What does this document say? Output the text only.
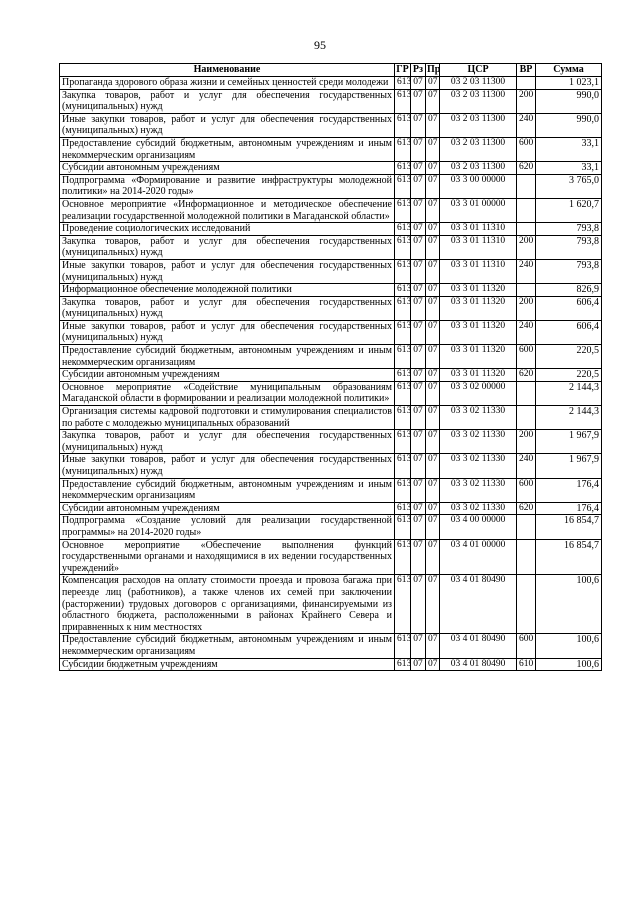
95
Наименование	ГР	Рз	Пр	ЦСР	ВР	Сумма
Пропаганда здорового образа жизни и семейных ценностей среди молодежи	613	07	07	03 2 03 11300		1 023,1
Закупка товаров, работ и услуг для обеспечения государственных (муниципальных) нужд	613	07	07	03 2 03 11300	200	990,0
Иные закупки товаров, работ и услуг для обеспечения государственных (муниципальных) нужд	613	07	07	03 2 03 11300	240	990,0
Предоставление субсидий бюджетным, автономным учреждениям и иным некоммерческим организациям	613	07	07	03 2 03 11300	600	33,1
Субсидии автономным учреждениям	613	07	07	03 2 03 11300	620	33,1
Подпрограмма «Формирование и развитие инфраструктуры молодежной политики» на 2014-2020 годы»	613	07	07	03 3 00 00000		3 765,0
Основное мероприятие «Информационное и методическое обеспечение реализации государственной молодежной политики в Магаданской области»	613	07	07	03 3 01 00000		1 620,7
Проведение социологических исследований	613	07	07	03 3 01 11310		793,8
Закупка товаров, работ и услуг для обеспечения государственных (муниципальных) нужд	613	07	07	03 3 01 11310	200	793,8
Иные закупки товаров, работ и услуг для обеспечения государственных (муниципальных) нужд	613	07	07	03 3 01 11310	240	793,8
Информационное обеспечение молодежной политики	613	07	07	03 3 01 11320		826,9
Закупка товаров, работ и услуг для обеспечения государственных (муниципальных) нужд	613	07	07	03 3 01 11320	200	606,4
Иные закупки товаров, работ и услуг для обеспечения государственных (муниципальных) нужд	613	07	07	03 3 01 11320	240	606,4
Предоставление субсидий бюджетным, автономным учреждениям и иным некоммерческим организациям	613	07	07	03 3 01 11320	600	220,5
Субсидии автономным учреждениям	613	07	07	03 3 01 11320	620	220,5
Основное мероприятие «Содействие муниципальным образованиям Магаданской области в формировании и реализации молодежной политики»	613	07	07	03 3 02 00000		2 144,3
Организация системы кадровой подготовки и стимулирования специалистов по работе с молодежью муниципальных образований	613	07	07	03 3 02 11330		2 144,3
Закупка товаров, работ и услуг для обеспечения государственных (муниципальных) нужд	613	07	07	03 3 02 11330	200	1 967,9
Иные закупки товаров, работ и услуг для обеспечения государственных (муниципальных) нужд	613	07	07	03 3 02 11330	240	1 967,9
Предоставление субсидий бюджетным, автономным учреждениям и иным некоммерческим организациям	613	07	07	03 3 02 11330	600	176,4
Субсидии автономным учреждениям	613	07	07	03 3 02 11330	620	176,4
Подпрограмма «Создание условий для реализации государственной программы» на 2014-2020 годы»	613	07	07	03 4 00 00000		16 854,7
Основное мероприятие «Обеспечение выполнения функций государственными органами и находящимися в их ведении государственных учреждений»	613	07	07	03 4 01 00000		16 854,7
Компенсация расходов на оплату стоимости проезда и провоза багажа при переезде лиц (работников), а также членов их семей при заключении (расторжении) трудовых договоров с организациями, финансируемыми из областного бюджета, расположенными в районах Крайнего Севера и приравненных к ним местностях	613	07	07	03 4 01 80490		100,6
Предоставление субсидий бюджетным, автономным учреждениям и иным некоммерческим организациям	613	07	07	03 4 01 80490	600	100,6
Субсидии бюджетным учреждениям	613	07	07	03 4 01 80490	610	100,6
